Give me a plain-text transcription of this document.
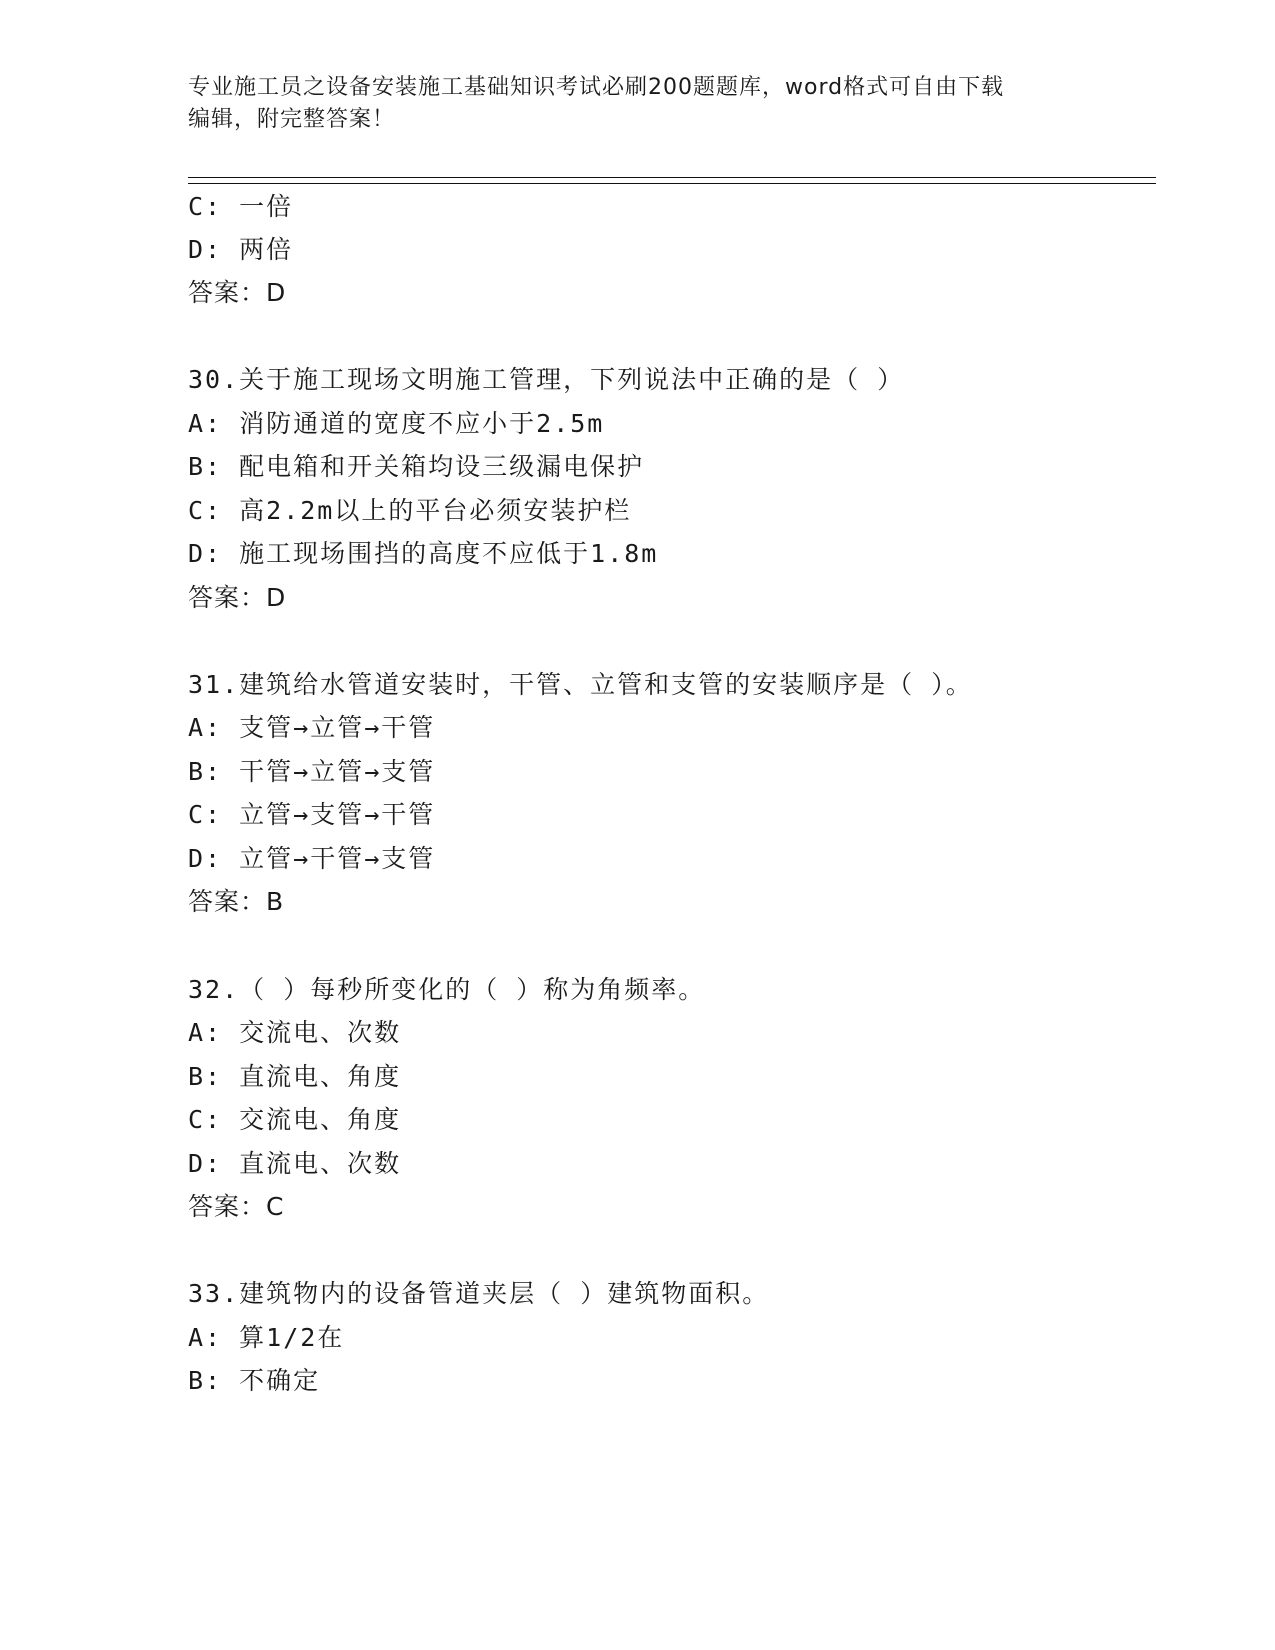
专业施工员之设备安装施工基础知识考试必刷200题题库，word格式可自由下载
编辑，附完整答案！
C: 一倍
D: 两倍
答案：D
30.关于施工现场文明施工管理，下列说法中正确的是（ ）
A: 消防通道的宽度不应小于2.5m
B: 配电箱和开关箱均设三级漏电保护
C: 高2.2m以上的平台必须安装护栏
D: 施工现场围挡的高度不应低于1.8m
答案：D
31.建筑给水管道安装时，干管、立管和支管的安装顺序是（ ）。
A: 支管→立管→干管
B: 干管→立管→支管
C: 立管→支管→干管
D: 立管→干管→支管
答案：B
32.（ ）每秒所变化的（ ）称为角频率。
A: 交流电、次数
B: 直流电、角度
C: 交流电、角度
D: 直流电、次数
答案：C
33.建筑物内的设备管道夹层（ ）建筑物面积。
A: 算1/2在
B: 不确定
